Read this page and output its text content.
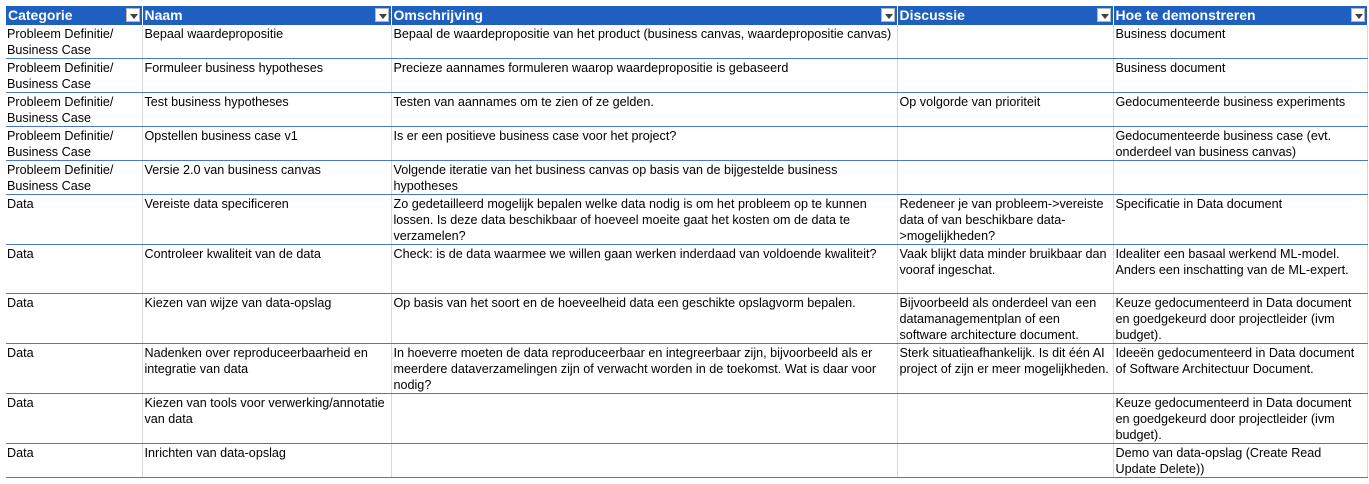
Categorie	Naam	Omschrijving	Discussie	Hoe te demonstreren

Probleem Definitie/ Business Case	Bepaal waardepropositie	Bepaal de waardepropositie van het product (business canvas, waardepropositie canvas)		Business document
Probleem Definitie/ Business Case	Formuleer business hypotheses	Precieze aannames formuleren waarop waardepropositie is gebaseerd		Business document
Probleem Definitie/ Business Case	Test business hypotheses	Testen van aannames om te zien of ze gelden.	Op volgorde van prioriteit	Gedocumenteerde business experiments
Probleem Definitie/ Business Case	Opstellen business case v1	Is er een positieve business case voor het project?		Gedocumenteerde business case (evt. onderdeel van business canvas)
Probleem Definitie/ Business Case	Versie 2.0 van business canvas	Volgende iteratie van het business canvas op basis van de bijgestelde business hypotheses		
Data	Vereiste data specificeren	Zo gedetailleerd mogelijk bepalen welke data nodig is om het probleem op te kunnen lossen. Is deze data beschikbaar of hoeveel moeite gaat het kosten om de data te verzamelen?	Redeneer je van probleem->vereiste data of van beschikbare data->mogelijkheden?	Specificatie in Data document
Data	Controleer kwaliteit van de data	Check: is de data waarmee we willen gaan werken inderdaad van voldoende kwaliteit?	Vaak blijkt data minder bruikbaar dan vooraf ingeschat.	Idealiter een basaal werkend ML-model. Anders een inschatting van de ML-expert.
Data	Kiezen van wijze van data-opslag	Op basis van het soort en de hoeveelheid data een geschikte opslagvorm bepalen.	Bijvoorbeeld als onderdeel van een datamanagementplan of een software architecture document.	Keuze gedocumenteerd in Data document en goedgekeurd door projectleider (ivm budget).
Data	Nadenken over reproduceerbaarheid en integratie van data	In hoeverre moeten de data reproduceerbaar en integreerbaar zijn, bijvoorbeeld als er meerdere dataverzamelingen zijn of verwacht worden in de toekomst. Wat is daar voor nodig?	Sterk situatieafhankelijk. Is dit één AI project of zijn er meer mogelijkheden.	Ideeën gedocumenteerd in Data document of Software Architectuur Document.
Data	Kiezen van tools voor verwerking/annotatie van data			Keuze gedocumenteerd in Data document en goedgekeurd door projectleider (ivm budget).
Data	Inrichten van data-opslag			Demo van data-opslag (Create Read Update Delete))
